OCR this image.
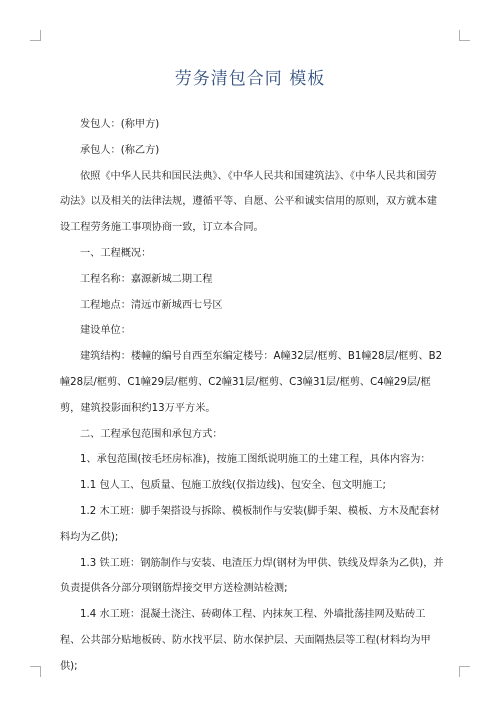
劳务清包合同 模板

发包人：(称甲方)

承包人：(称乙方)

依照《中华人民共和国民法典》、《中华人民共和国建筑法》、《中华人民共和国劳动法》以及相关的法律法规，遵循平等、自愿、公平和诚实信用的原则，双方就本建设工程劳务施工事项协商一致，订立本合同。

一、工程概况：

工程名称：嘉源新城二期工程

工程地点：清远市新城西七号区

建设单位：

建筑结构：楼幢的编号自西至东编定楼号：A幢32层/框剪、B1幢28层/框剪、B2幢28层/框剪、C1幢29层/框剪、C2幢31层/框剪、C3幢31层/框剪、C4幢29层/框剪，建筑投影面积约13万平方米。

二、工程承包范围和承包方式：

1、承包范围(按毛坯房标准)，按施工图纸说明施工的土建工程，具体内容为：

1.1 包人工、包质量、包施工放线(仅指边线)、包安全、包文明施工;

1.2 木工班：脚手架搭设与拆除、模板制作与安装(脚手架、模板、方木及配套材料均为乙供);

1.3 铁工班：钢筋制作与安装、电渣压力焊(钢材为甲供、铁线及焊条为乙供)，并负责提供各分部分项钢筋焊接交甲方送检测站检测;

1.4 水工班：混凝土浇注、砖砌体工程、内抹灰工程、外墙批荡挂网及贴砖工程、公共部分贴地板砖、防水找平层、防水保护层、天面隔热层等工程(材料均为甲供);
